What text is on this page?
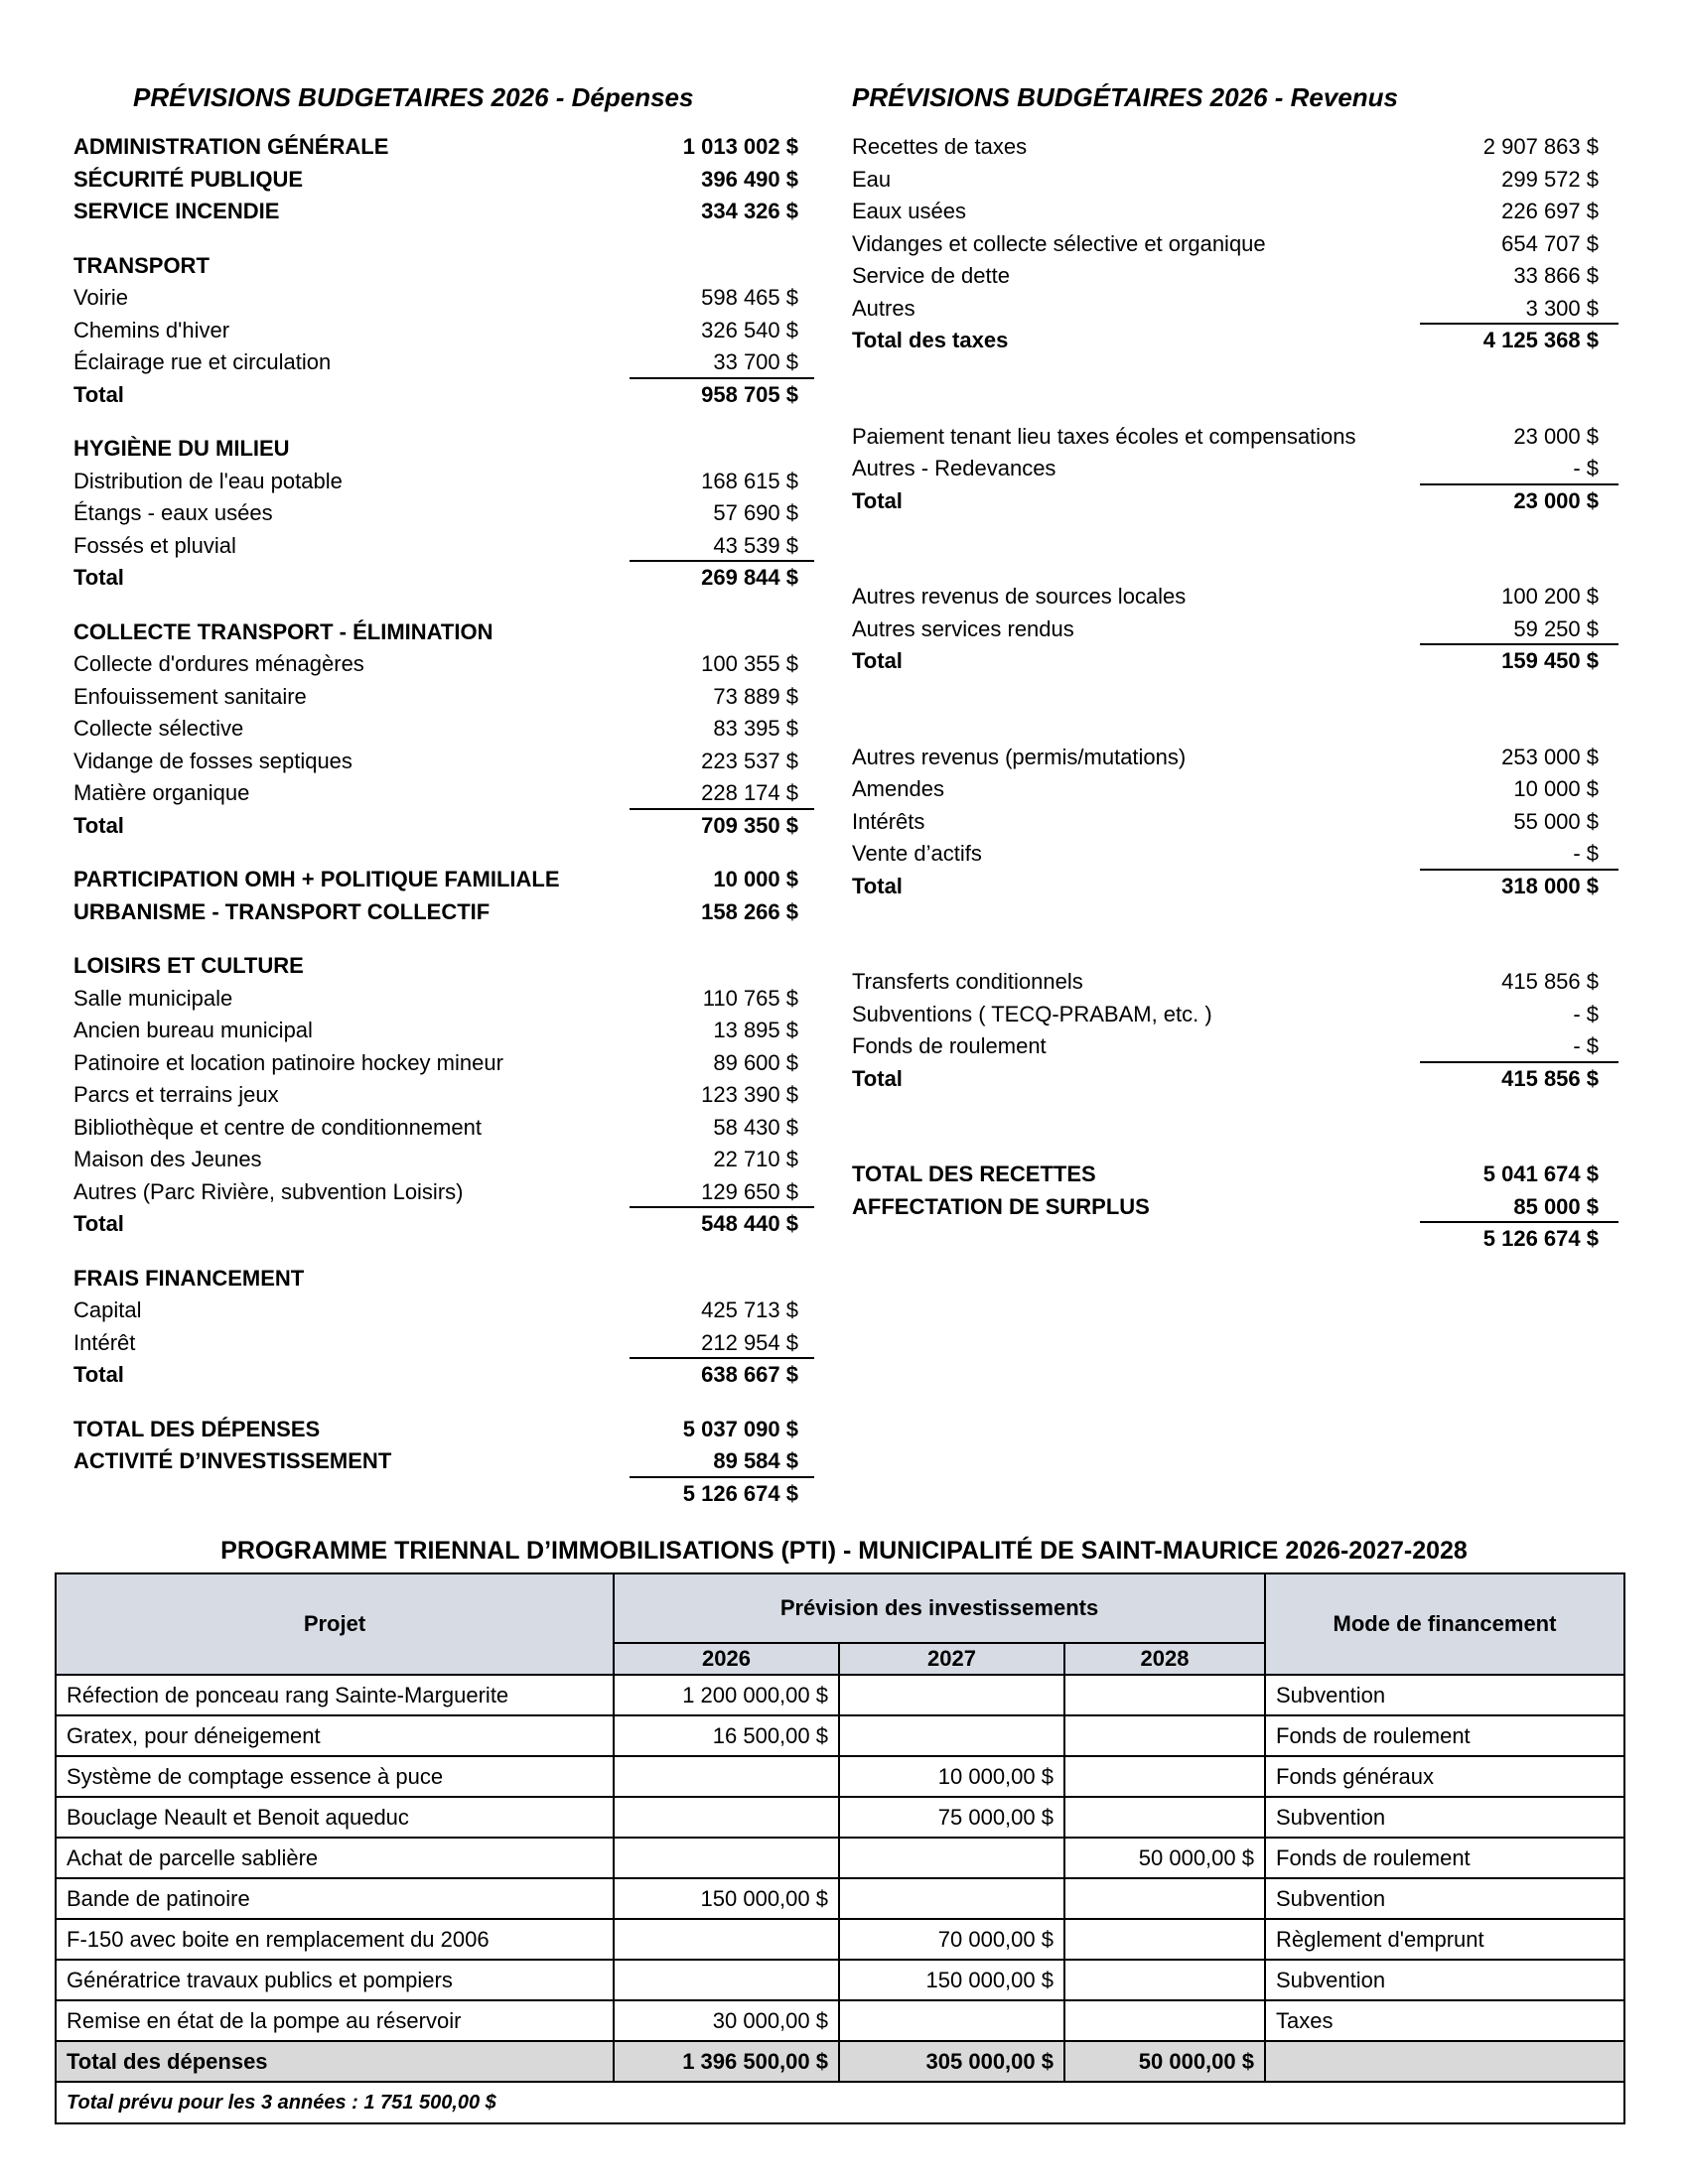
PRÉVISIONS BUDGETAIRES 2026 - Dépenses
ADMINISTRATION GÉNÉRALE	1 013 002 $
SÉCURITÉ PUBLIQUE	396 490 $
SERVICE INCENDIE	334 326 $
TRANSPORT
Voirie	598 465 $
Chemins d'hiver	326 540 $
Éclairage rue et circulation	33 700 $
Total	958 705 $
HYGIÈNE DU MILIEU
Distribution de l'eau potable	168 615 $
Étangs - eaux usées	57 690 $
Fossés et pluvial	43 539 $
Total	269 844 $
COLLECTE TRANSPORT - ÉLIMINATION
Collecte d'ordures ménagères	100 355 $
Enfouissement sanitaire	73 889 $
Collecte sélective	83 395 $
Vidange de fosses septiques	223 537 $
Matière organique	228 174 $
Total	709 350 $
PARTICIPATION OMH + POLITIQUE FAMILIALE	10 000 $
URBANISME - TRANSPORT COLLECTIF	158 266 $
LOISIRS ET CULTURE
Salle municipale	110 765 $
Ancien bureau municipal	13 895 $
Patinoire et location patinoire hockey mineur	89 600 $
Parcs et terrains jeux	123 390 $
Bibliothèque et centre de conditionnement	58 430 $
Maison des Jeunes	22 710 $
Autres (Parc Rivière, subvention Loisirs)	129 650 $
Total	548 440 $
FRAIS FINANCEMENT
Capital	425 713 $
Intérêt	212 954 $
Total	638 667 $
TOTAL DES DÉPENSES	5 037 090 $
ACTIVITÉ D’INVESTISSEMENT	89 584 $
5 126 674 $
PRÉVISIONS BUDGÉTAIRES 2026 - Revenus
Recettes de taxes	2 907 863 $
Eau	299 572 $
Eaux usées	226 697 $
Vidanges et collecte sélective et organique	654 707 $
Service de dette	33 866 $
Autres	3 300 $
Total des taxes	4 125 368 $
Paiement tenant lieu taxes écoles et compensations	23 000 $
Autres - Redevances	- $
Total	23 000 $
Autres revenus de sources locales	100 200 $
Autres services rendus	59 250 $
Total	159 450 $
Autres revenus (permis/mutations)	253 000 $
Amendes	10 000 $
Intérêts	55 000 $
Vente d’actifs	- $
Total	318 000 $
Transferts conditionnels	415 856 $
Subventions ( TECQ-PRABAM, etc. )	- $
Fonds de roulement	- $
Total	415 856 $
TOTAL DES RECETTES	5 041 674 $
AFFECTATION DE SURPLUS	85 000 $
5 126 674 $
PROGRAMME TRIENNAL D’IMMOBILISATIONS (PTI) - MUNICIPALITÉ DE SAINT-MAURICE 2026-2027-2028
Projet	Prévision des investissements			Mode de financement
	2026	2027	2028	
Réfection de ponceau rang Sainte-Marguerite	1 200 000,00 $			Subvention
Gratex, pour déneigement	16 500,00 $			Fonds de roulement
Système de comptage essence à puce		10 000,00 $		Fonds généraux
Bouclage Neault et Benoit aqueduc		75 000,00 $		Subvention
Achat de parcelle sablière			50 000,00 $	Fonds de roulement
Bande de patinoire	150 000,00 $			Subvention
F-150 avec boite en remplacement du 2006		70 000,00 $		Règlement d'emprunt
Génératrice travaux publics et pompiers		150 000,00 $		Subvention
Remise en état de la pompe au réservoir	30 000,00 $			Taxes
Total des dépenses	1 396 500,00 $	305 000,00 $	50 000,00 $	
Total prévu pour les 3 années : 1 751 500,00 $				
